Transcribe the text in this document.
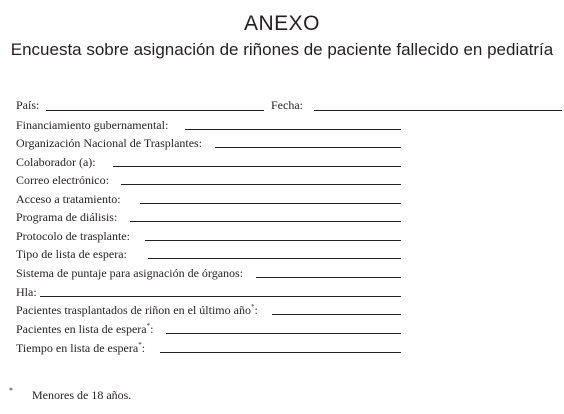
ANEXO
Encuesta sobre asignación de riñones de paciente fallecido en pediatría
País:	Fecha:
Financiamiento gubernamental:
Organización Nacional de Trasplantes:
Colaborador (a):
Correo electrónico:
Acceso a tratamiento:
Programa de diálisis:
Protocolo de trasplante:
Tipo de lista de espera:
Sistema de puntaje para asignación de órganos:
Hla:
Pacientes trasplantados de riñon en el último año*:
Pacientes en lista de espera*:
Tiempo en lista de espera*:
* Menores de 18 años.
